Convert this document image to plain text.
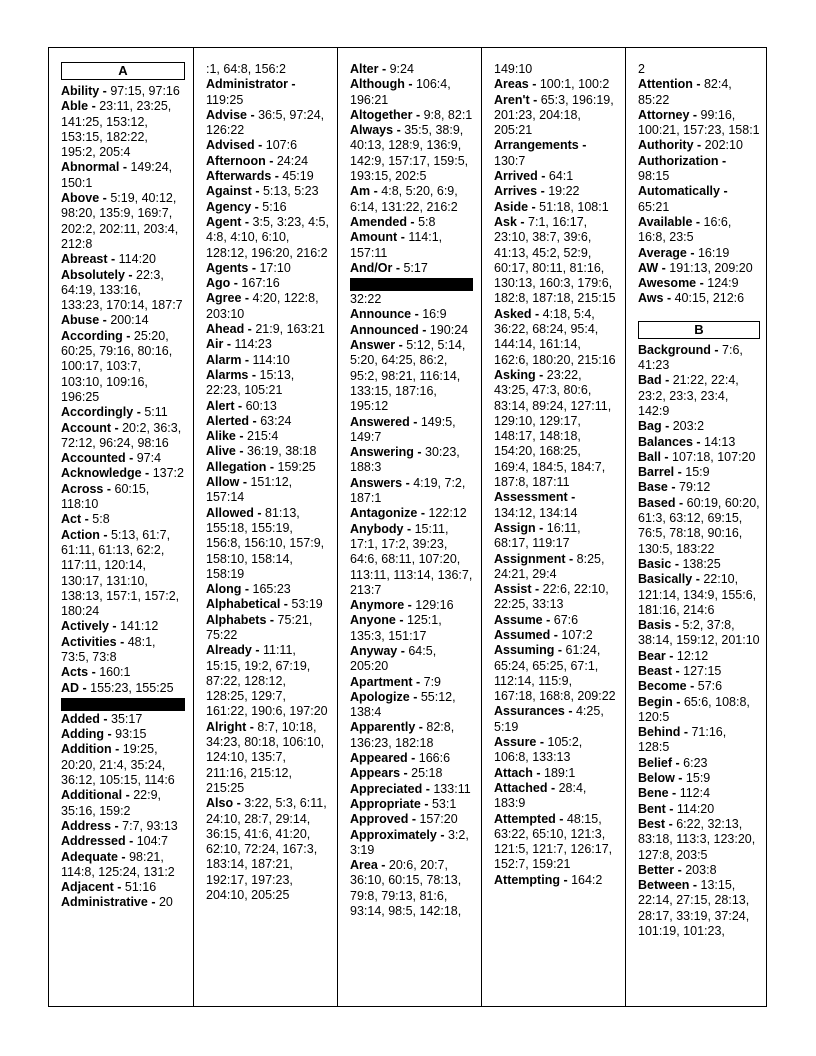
A
Ability - 97:15, 97:16
Able - 23:11, 23:25, 141:25, 153:12, 153:15, 182:22, 195:2, 205:4
Abnormal - 149:24, 150:1
Above - 5:19, 40:12, 98:20, 135:9, 169:7, 202:2, 202:11, 203:4, 212:8
Abreast - 114:20
Absolutely - 22:3, 64:19, 133:16, 133:23, 170:14, 187:7
Abuse - 200:14
According - 25:20, 60:25, 79:16, 80:16, 100:17, 103:7, 103:10, 109:16, 196:25
Accordingly - 5:11
Account - 20:2, 36:3, 72:12, 96:24, 98:16
Accounted - 97:4
Acknowledge - 137:2
Across - 60:15, 118:10
Act - 5:8
Action - 5:13, 61:7, 61:11, 61:13, 62:2, 117:11, 120:14, 130:17, 131:10, 138:13, 157:1, 157:2, 180:24
Actively - 141:12
Activities - 48:1, 73:5, 73:8
Acts - 160:1
AD - 155:23, 155:25
Added - 35:17
Adding - 93:15
Addition - 19:25, 20:20, 21:4, 35:24, 36:12, 105:15, 114:6
Additional - 22:9, 35:16, 159:2
Address - 7:7, 93:13
Addressed - 104:7
Adequate - 98:21, 114:8, 125:24, 131:2
Adjacent - 51:16
Administrative - 20
:1, 64:8, 156:2
Administrator - 119:25
Advise - 36:5, 97:24, 126:22
Advised - 107:6
Afternoon - 24:24
Afterwards - 45:19
Against - 5:13, 5:23
Agency - 5:16
Agent - 3:5, 3:23, 4:5, 4:8, 4:10, 6:10, 128:12, 196:20, 216:2
Agents - 17:10
Ago - 167:16
Agree - 4:20, 122:8, 203:10
Ahead - 21:9, 163:21
Air - 114:23
Alarm - 114:10
Alarms - 15:13, 22:23, 105:21
Alert - 60:13
Alerted - 63:24
Alike - 215:4
Alive - 36:19, 38:18
Allegation - 159:25
Allow - 151:12, 157:14
Allowed - 81:13, 155:18, 155:19, 156:8, 156:10, 157:9, 158:10, 158:14, 158:19
Along - 165:23
Alphabetical - 53:19
Alphabets - 75:21, 75:22
Already - 11:11, 15:15, 19:2, 67:19, 87:22, 128:12, 128:25, 129:7, 161:22, 190:6, 197:20
Alright - 8:7, 10:18, 34:23, 80:18, 106:10, 124:10, 135:7, 211:16, 215:12, 215:25
Also - 3:22, 5:3, 6:11, 24:10, 28:7, 29:14, 36:15, 41:6, 41:20, 62:10, 72:24, 167:3, 183:14, 187:21, 192:17, 197:23, 204:10, 205:25
Alter - 9:24
Although - 106:4, 196:21
Altogether - 9:8, 82:1
Always - 35:5, 38:9, 40:13, 128:9, 136:9, 142:9, 157:17, 159:5, 193:15, 202:5
Am - 4:8, 5:20, 6:9, 6:14, 131:22, 216:2
Amended - 5:8
Amount - 114:1, 157:11
And/Or - 5:17
32:22
Announce - 16:9
Announced - 190:24
Answer - 5:12, 5:14, 5:20, 64:25, 86:2, 95:2, 98:21, 116:14, 133:15, 187:16, 195:12
Answered - 149:5, 149:7
Answering - 30:23, 188:3
Answers - 4:19, 7:2, 187:1
Antagonize - 122:12
Anybody - 15:11, 17:1, 17:2, 39:23, 64:6, 68:11, 107:20, 113:11, 113:14, 136:7, 213:7
Anymore - 129:16
Anyone - 125:1, 135:3, 151:17
Anyway - 64:5, 205:20
Apartment - 7:9
Apologize - 55:12, 138:4
Apparently - 82:8, 136:23, 182:18
Appeared - 166:6
Appears - 25:18
Appreciated - 133:11
Appropriate - 53:1
Approved - 157:20
Approximately - 3:2, 3:19
Area - 20:6, 20:7, 36:10, 60:15, 78:13, 79:8, 79:13, 81:6, 93:14, 98:5, 142:18,
149:10
Areas - 100:1, 100:2
Aren't - 65:3, 196:19, 201:23, 204:18, 205:21
Arrangements - 130:7
Arrived - 64:1
Arrives - 19:22
Aside - 51:18, 108:1
Ask - 7:1, 16:17, 23:10, 38:7, 39:6, 41:13, 45:2, 52:9, 60:17, 80:11, 81:16, 130:13, 160:3, 179:6, 182:8, 187:18, 215:15
Asked - 4:18, 5:4, 36:22, 68:24, 95:4, 144:14, 161:14, 162:6, 180:20, 215:16
Asking - 23:22, 43:25, 47:3, 80:6, 83:14, 89:24, 127:11, 129:10, 129:17, 148:17, 148:18, 154:20, 168:25, 169:4, 184:5, 184:7, 187:8, 187:11
Assessment - 134:12, 134:14
Assign - 16:11, 68:17, 119:17
Assignment - 8:25, 24:21, 29:4
Assist - 22:6, 22:10, 22:25, 33:13
Assume - 67:6
Assumed - 107:2
Assuming - 61:24, 65:24, 65:25, 67:1, 112:14, 115:9, 167:18, 168:8, 209:22
Assurances - 4:25, 5:19
Assure - 105:2, 106:8, 133:13
Attach - 189:1
Attached - 28:4, 183:9
Attempted - 48:15, 63:22, 65:10, 121:3, 121:5, 121:7, 126:17, 152:7, 159:21
Attempting - 164:2
2
Attention - 82:4, 85:22
Attorney - 99:16, 100:21, 157:23, 158:1
Authority - 202:10
Authorization - 98:15
Automatically - 65:21
Available - 16:6, 16:8, 23:5
Average - 16:19
AW - 191:13, 209:20
Awesome - 124:9
Aws - 40:15, 212:6
B
Background - 7:6, 41:23
Bad - 21:22, 22:4, 23:2, 23:3, 23:4, 142:9
Bag - 203:2
Balances - 14:13
Ball - 107:18, 107:20
Barrel - 15:9
Base - 79:12
Based - 60:19, 60:20, 61:3, 63:12, 69:15, 76:5, 78:18, 90:16, 130:5, 183:22
Basic - 138:25
Basically - 22:10, 121:14, 134:9, 155:6, 181:16, 214:6
Basis - 5:2, 37:8, 38:14, 159:12, 201:10
Bear - 12:12
Beast - 127:15
Become - 57:6
Begin - 65:6, 108:8, 120:5
Behind - 71:16, 128:5
Belief - 6:23
Below - 15:9
Bene - 112:4
Bent - 114:20
Best - 6:22, 32:13, 83:18, 113:3, 123:20, 127:8, 203:5
Better - 203:8
Between - 13:15, 22:14, 27:15, 28:13, 28:17, 33:19, 37:24, 101:19, 101:23,
